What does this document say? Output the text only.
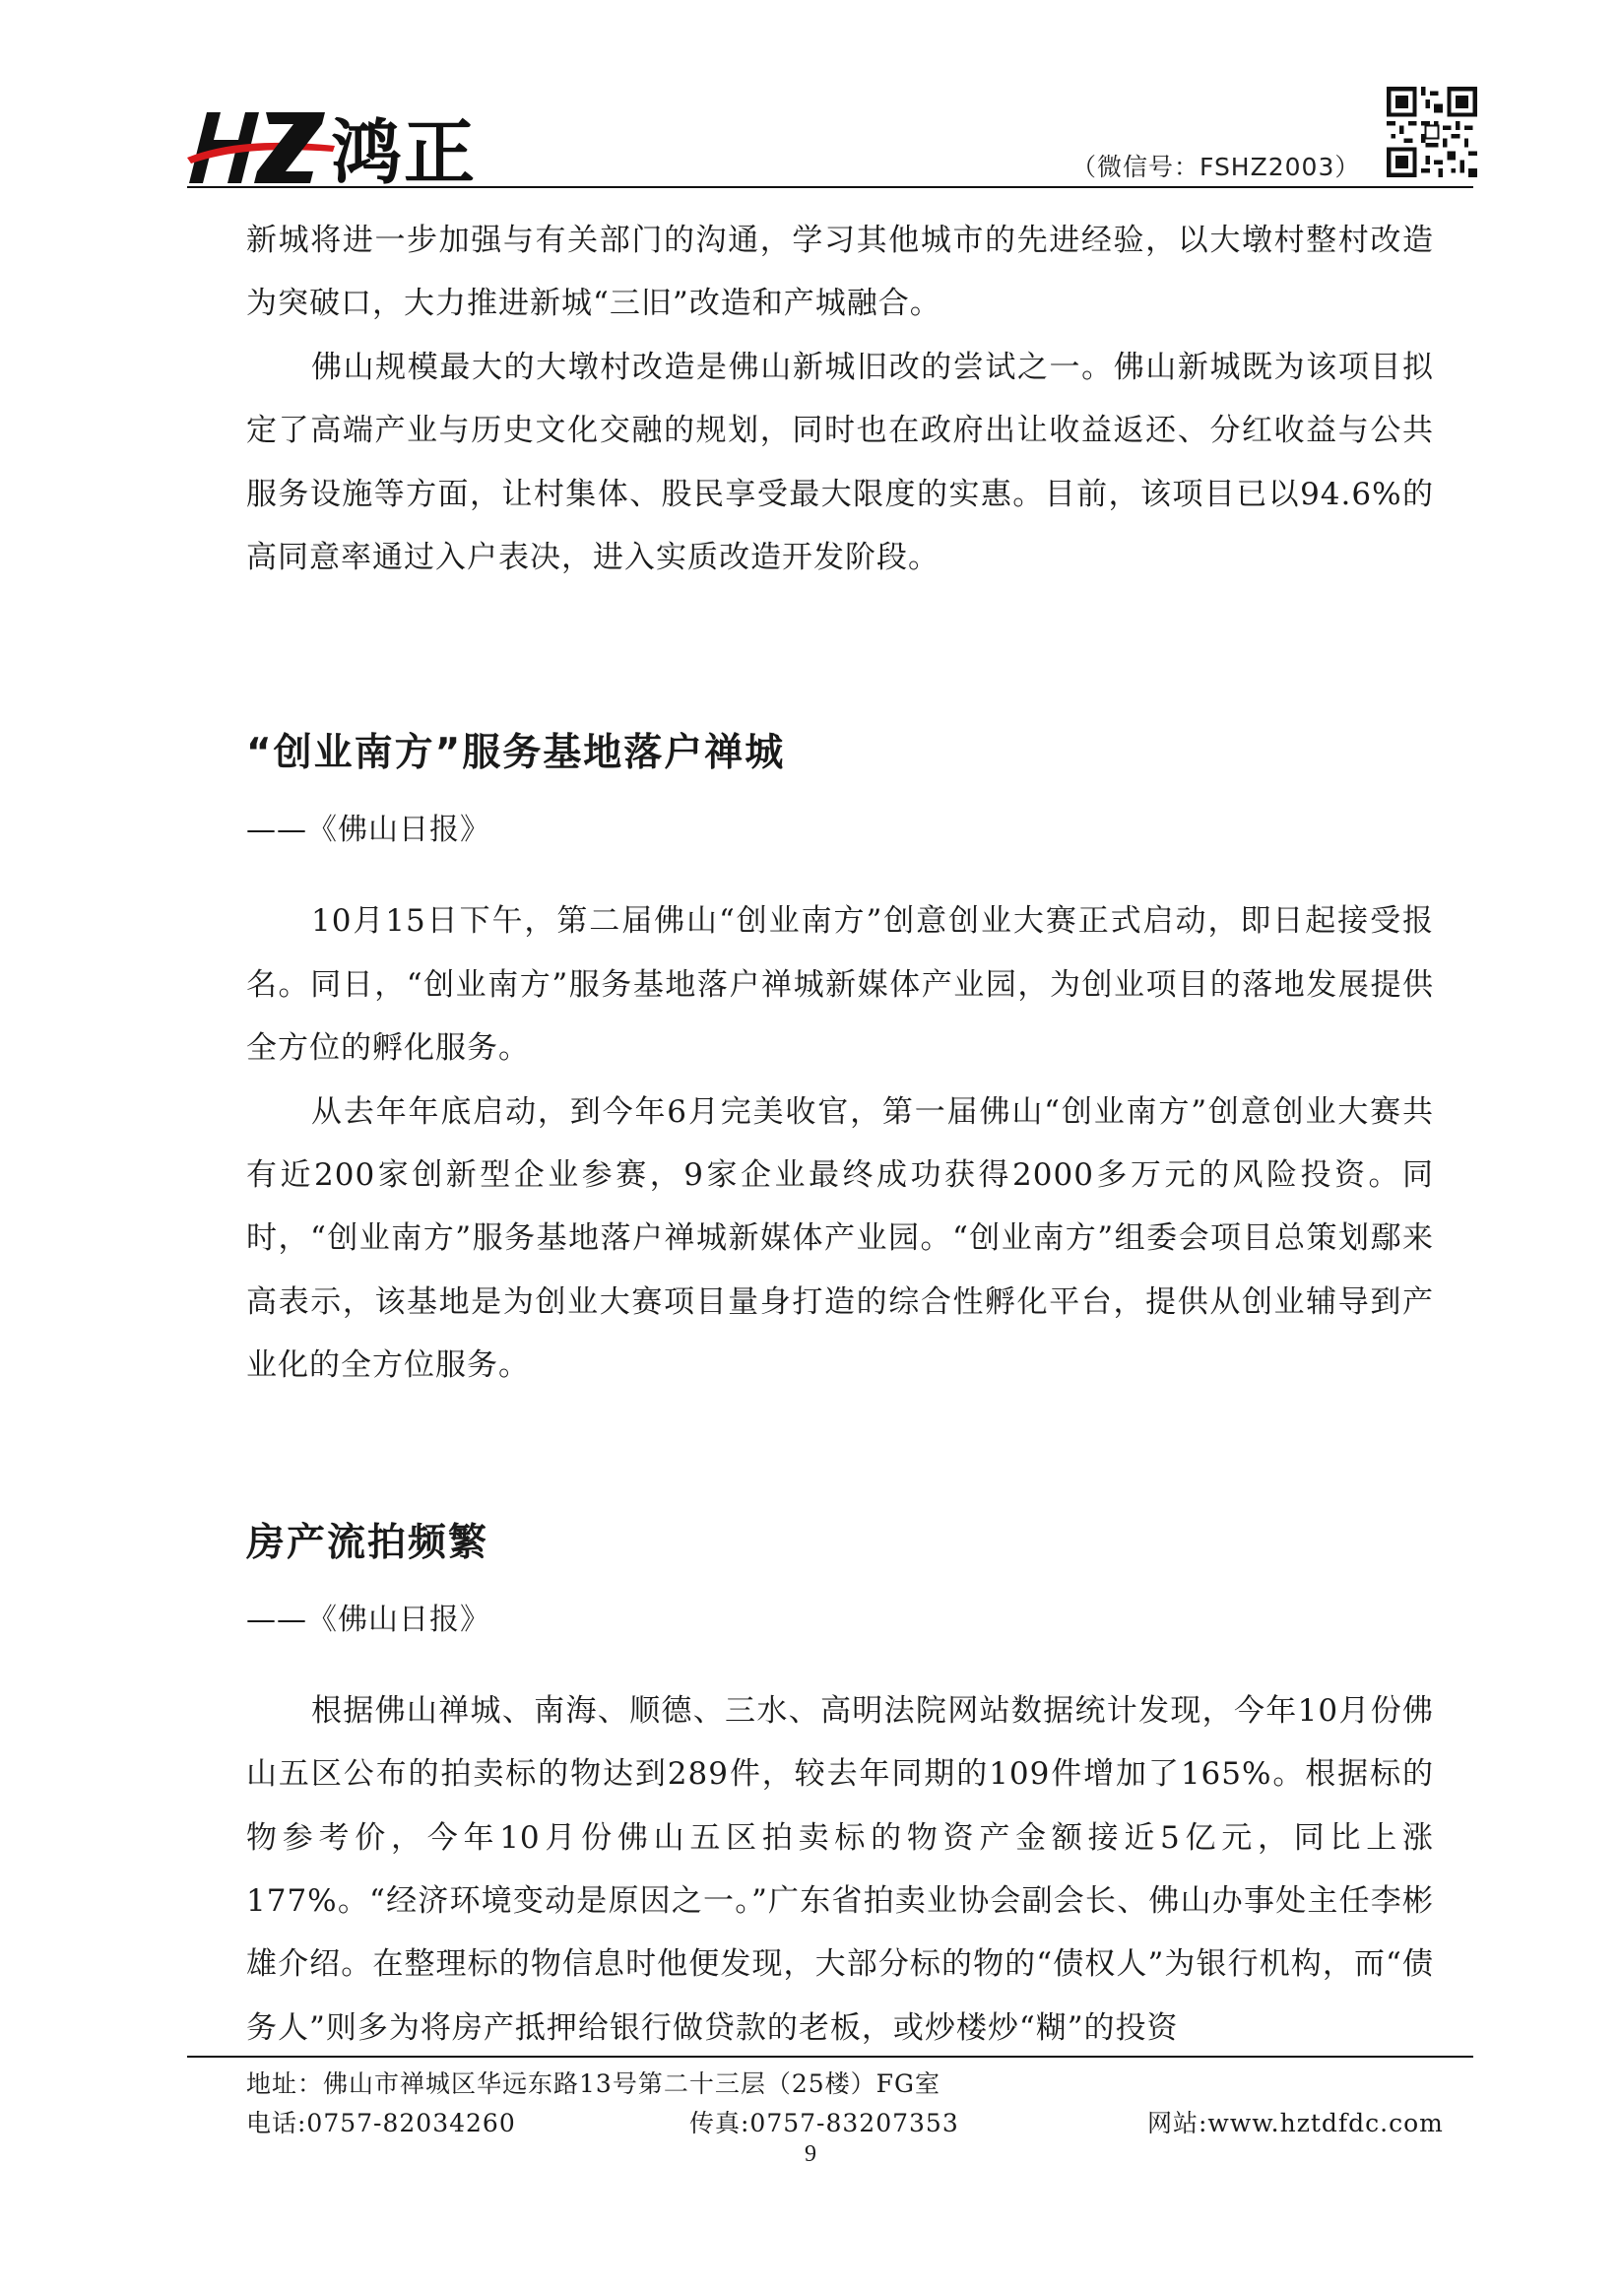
鸿 正	（微信号：FSHZ2003）

新城将进一步加强与有关部门的沟通，学习其他城市的先进经验，以大墩村整村改造为突破口，大力推进新城“三旧”改造和产城融合。

佛山规模最大的大墩村改造是佛山新城旧改的尝试之一。佛山新城既为该项目拟定了高端产业与历史文化交融的规划，同时也在政府出让收益返还、分红收益与公共服务设施等方面，让村集体、股民享受最大限度的实惠。目前，该项目已以94.6%的高同意率通过入户表决，进入实质改造开发阶段。

“创业南方”服务基地落户禅城

——《佛山日报》

10月15日下午，第二届佛山“创业南方”创意创业大赛正式启动，即日起接受报名。同日，“创业南方”服务基地落户禅城新媒体产业园，为创业项目的落地发展提供全方位的孵化服务。

从去年年底启动，到今年6月完美收官，第一届佛山“创业南方”创意创业大赛共有近200家创新型企业参赛，9家企业最终成功获得2000多万元的风险投资。同时，“创业南方”服务基地落户禅城新媒体产业园。“创业南方”组委会项目总策划鄢来高表示，该基地是为创业大赛项目量身打造的综合性孵化平台，提供从创业辅导到产业化的全方位服务。

房产流拍频繁

——《佛山日报》

根据佛山禅城、南海、顺德、三水、高明法院网站数据统计发现，今年10月份佛山五区公布的拍卖标的物达到289件，较去年同期的109件增加了165%。根据标的物参考价，今年10月份佛山五区拍卖标的物资产金额接近5亿元，同比上涨177%。“经济环境变动是原因之一。”广东省拍卖业协会副会长、佛山办事处主任李彬雄介绍。在整理标的物信息时他便发现，大部分标的物的“债权人”为银行机构，而“债务人”则多为将房产抵押给银行做贷款的老板，或炒楼炒“糊”的投资

地址：佛山市禅城区华远东路13号第二十三层（25楼）FG室
电话:0757-82034260	传真:0757-83207353	网站:www.hztdfdc.com
9
